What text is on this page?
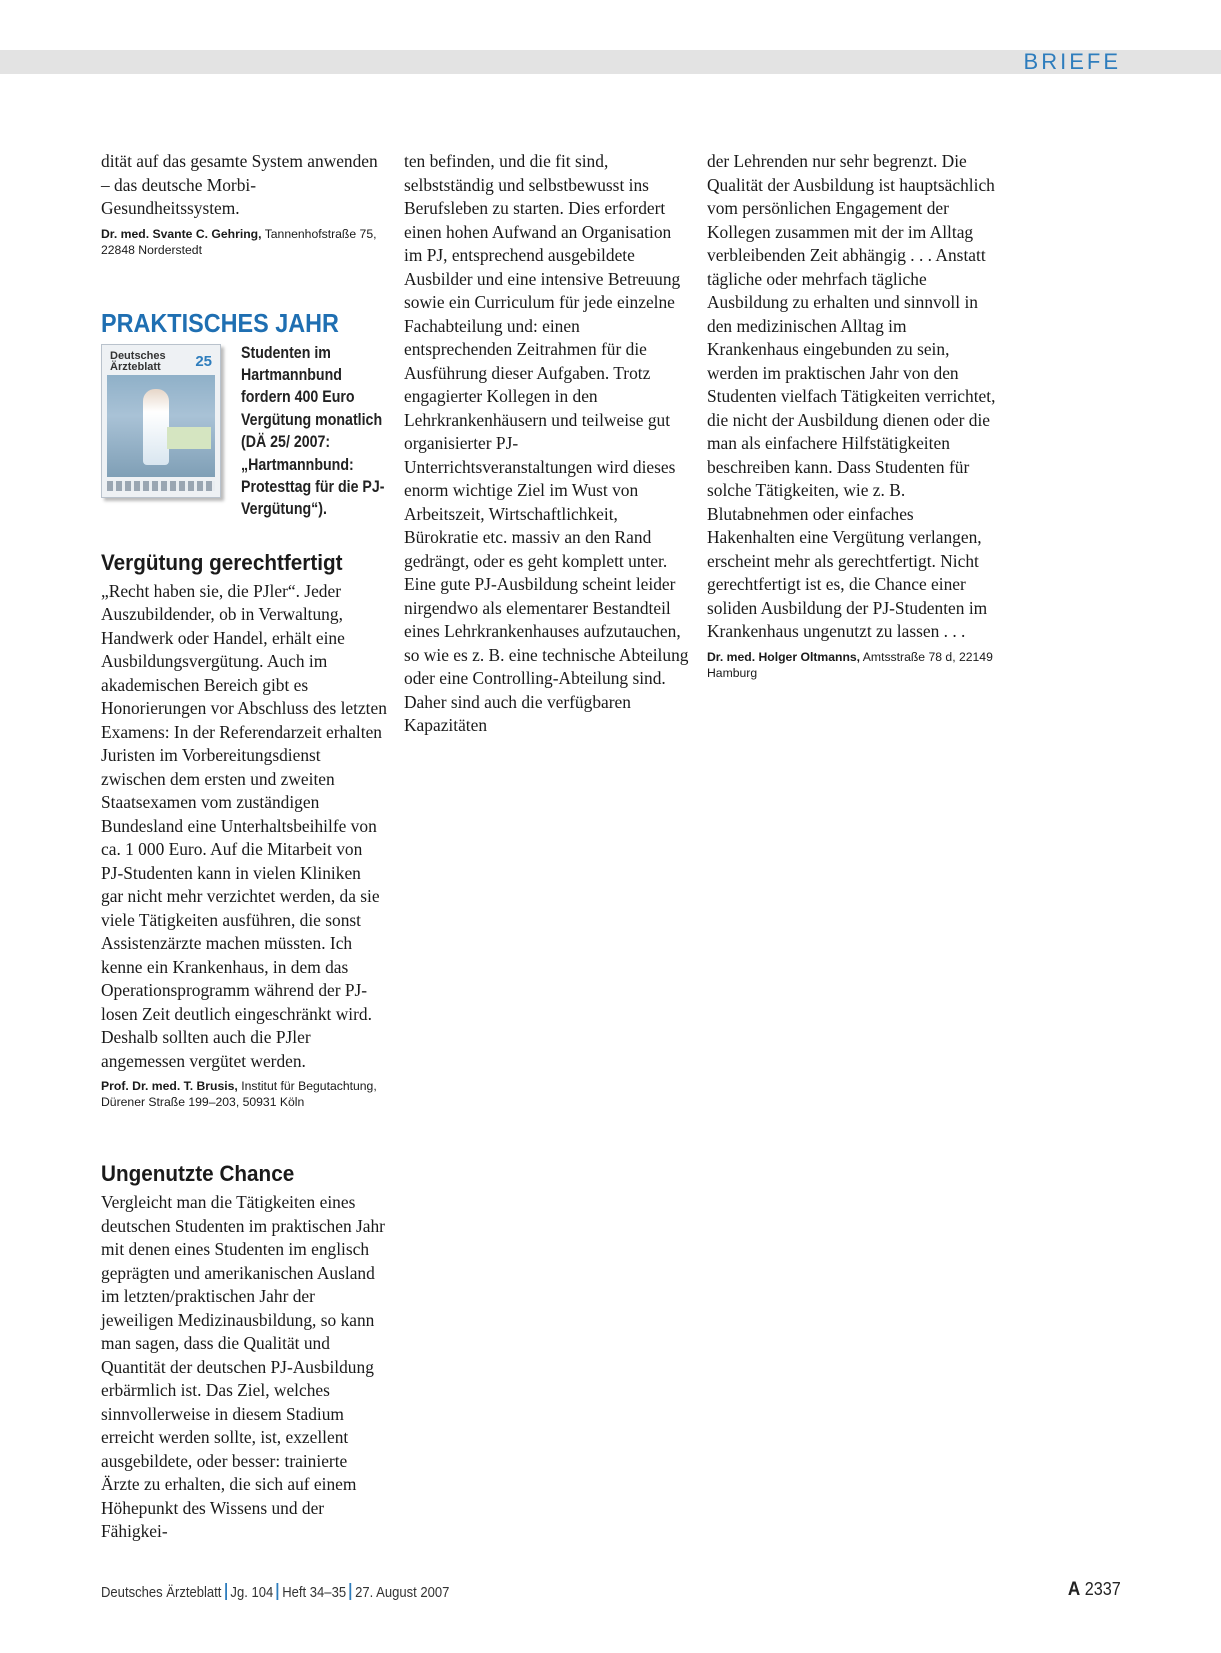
BRIEFE

dität auf das gesamte System anwenden – das deutsche Morbi-Gesundheitssystem.

Dr. med. Svante C. Gehring, Tannenhofstraße 75, 22848 Norderstedt

PRAKTISCHES JAHR
Deutsches Ärzteblatt	25 Studenten im Hartmannbund fordern 400 Euro Vergütung monatlich (DÄ 25/ 2007: „Hartmannbund: Protesttag für die PJ-Vergütung“).

Vergütung gerechtfertigt

„Recht haben sie, die PJler“. Jeder Auszubildender, ob in Verwaltung, Handwerk oder Handel, erhält eine Ausbildungsvergütung. Auch im akademischen Bereich gibt es Honorierungen vor Abschluss des letzten Examens: In der Referendarzeit erhalten Juristen im Vorbereitungsdienst zwischen dem ersten und zweiten Staatsexamen vom zuständigen Bundesland eine Unterhaltsbeihilfe von ca. 1 000 Euro. Auf die Mitarbeit von PJ-Studenten kann in vielen Kliniken gar nicht mehr verzichtet werden, da sie viele Tätigkeiten ausführen, die sonst Assistenzärzte machen müssten. Ich kenne ein Krankenhaus, in dem das Operationsprogramm während der PJ-losen Zeit deutlich eingeschränkt wird. Deshalb sollten auch die PJler angemessen vergütet werden.

Prof. Dr. med. T. Brusis, Institut für Begutachtung, Dürener Straße 199–203, 50931 Köln

Ungenutzte Chance

Vergleicht man die Tätigkeiten eines deutschen Studenten im praktischen Jahr mit denen eines Studenten im englisch geprägten und amerikanischen Ausland im letzten/praktischen Jahr der jeweiligen Medizinausbildung, so kann man sagen, dass die Qualität und Quantität der deutschen PJ-Ausbildung erbärmlich ist. Das Ziel, welches sinnvollerweise in diesem Stadium erreicht werden sollte, ist, exzellent ausgebildete, oder besser: trainierte Ärzte zu erhalten, die sich auf einem Höhepunkt des Wissens und der Fähigkei-

ten befinden, und die fit sind, selbstständig und selbstbewusst ins Berufsleben zu starten. Dies erfordert einen hohen Aufwand an Organisation im PJ, entsprechend ausgebildete Ausbilder und eine intensive Betreuung sowie ein Curriculum für jede einzelne Fachabteilung und: einen entsprechenden Zeitrahmen für die Ausführung dieser Aufgaben. Trotz engagierter Kollegen in den Lehrkrankenhäusern und teilweise gut organisierter PJ-Unterrichtsveranstaltungen wird dieses enorm wichtige Ziel im Wust von Arbeitszeit, Wirtschaftlichkeit, Bürokratie etc. massiv an den Rand gedrängt, oder es geht komplett unter. Eine gute PJ-Ausbildung scheint leider nirgendwo als elementarer Bestandteil eines Lehrkrankenhauses aufzutauchen, so wie es z. B. eine technische Abteilung oder eine Controlling-Abteilung sind. Daher sind auch die verfügbaren Kapazitäten

der Lehrenden nur sehr begrenzt. Die Qualität der Ausbildung ist hauptsächlich vom persönlichen Engagement der Kollegen zusammen mit der im Alltag verbleibenden Zeit abhängig . . . Anstatt tägliche oder mehrfach tägliche Ausbildung zu erhalten und sinnvoll in den medizinischen Alltag im Krankenhaus eingebunden zu sein, werden im praktischen Jahr von den Studenten vielfach Tätigkeiten verrichtet, die nicht der Ausbildung dienen oder die man als einfachere Hilfstätigkeiten beschreiben kann. Dass Studenten für solche Tätigkeiten, wie z. B. Blutabnehmen oder einfaches Hakenhalten eine Vergütung verlangen, erscheint mehr als gerechtfertigt. Nicht gerechtfertigt ist es, die Chance einer soliden Ausbildung der PJ-Studenten im Krankenhaus ungenutzt zu lassen . . .

Dr. med. Holger Oltmanns, Amtsstraße 78 d, 22149 Hamburg

Deutsches Ärzteblatt Jg. 104 Heft 34–35 27. August 2007	A 2337
